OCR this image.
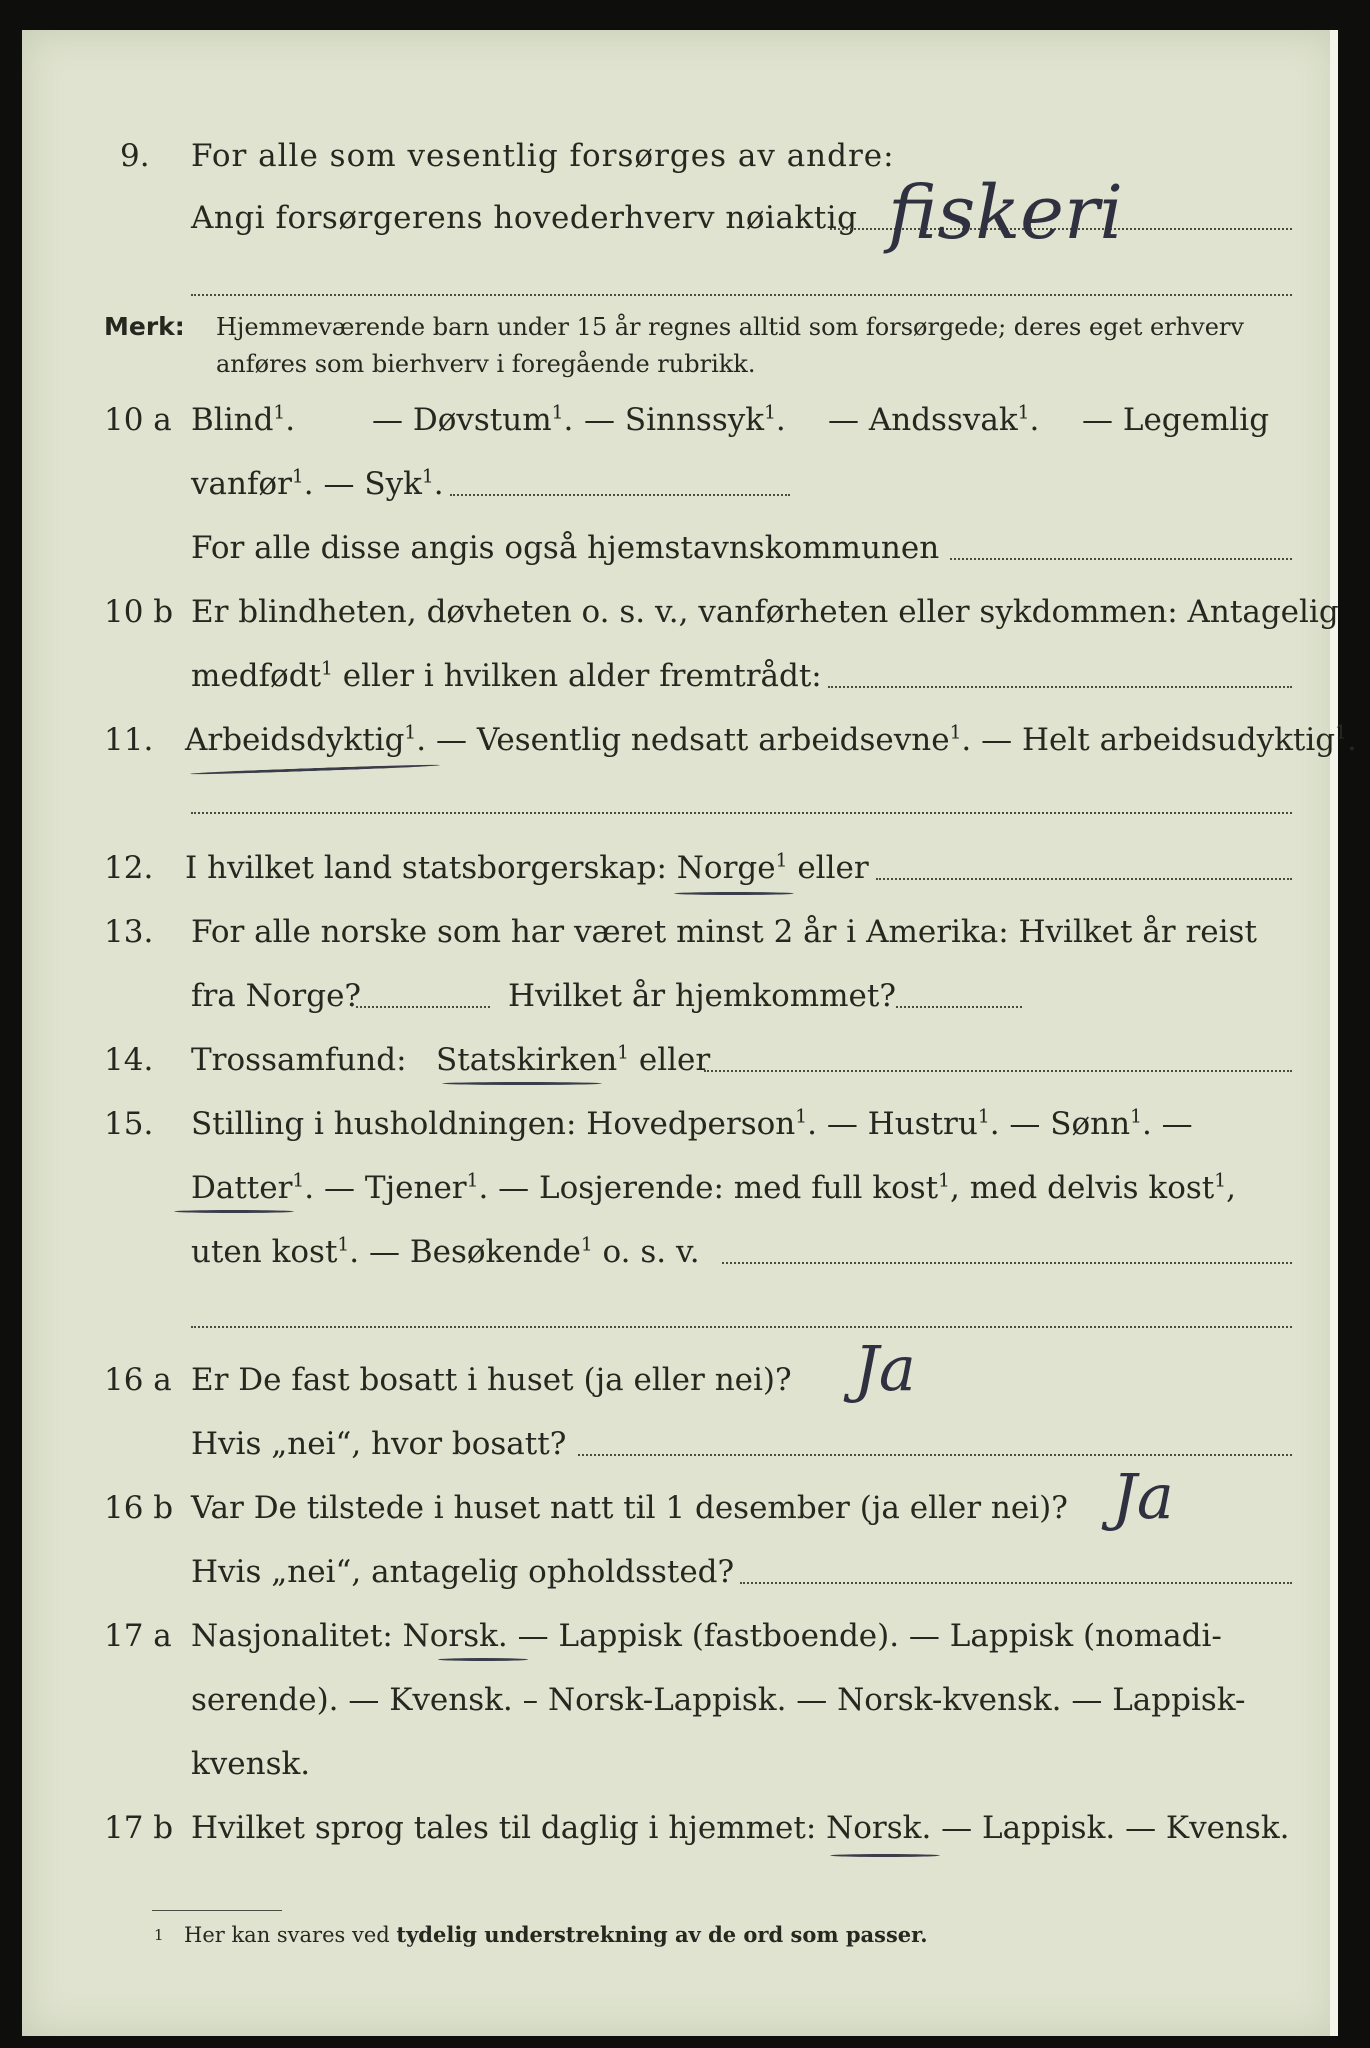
9. For alle som vesentlig forsørges av andre:
Angi forsørgerens hovederhverv nøiaktig fiskeri
Merk: Hjemmeværende barn under 15 år regnes alltid som forsørgede; deres eget erhverv
anføres som bierhverv i foregående rubrikk.
10 a Blind$^1$. — Døvstum$^1$. — Sinnssyk$^1$. — Andssvak$^1$. — Legemlig
vanfør$^1$. — Syk$^1$.
For alle disse angis også hjemstavnskommunen
10 b Er blindheten, døvheten o. s. v., vanførheten eller sykdommen: Antagelig
medfødt$^1$ eller i hvilken alder fremtrådt:
11. Arbeidsdyktig$^1$. — Vesentlig nedsatt arbeidsevne$^1$. — Helt arbeidsudyktig$^1$.
12. I hvilket land statsborgerskap: Norge$^1$ eller
13. For alle norske som har været minst 2 år i Amerika: Hvilket år reist
fra Norge?	Hvilket år hjemkommet?
14. Trossamfund: Statskirken$^1$ eller
15. Stilling i husholdningen: Hovedperson$^1$. — Hustru$^1$. — Sønn$^1$. —
Datter$^1$. — Tjener$^1$. — Losjerende: med full kost$^1$, med delvis kost$^1$,
uten kost$^1$. — Besøkende$^1$ o. s. v.
16 a Er De fast bosatt i huset (ja eller nei)? Ja
Hvis „nei“, hvor bosatt?
16 b Var De tilstede i huset natt til 1 desember (ja eller nei)? Ja
Hvis „nei“, antagelig opholdssted?
17 a Nasjonalitet: Norsk. — Lappisk (fastboende). — Lappisk (nomadi-
serende). — Kvensk. – Norsk-Lappisk. — Norsk-kvensk. — Lappisk-
kvensk.
17 b Hvilket sprog tales til daglig i hjemmet: Norsk. — Lappisk. — Kvensk.
1 Her kan svares ved tydelig understrekning av de ord som passer.
